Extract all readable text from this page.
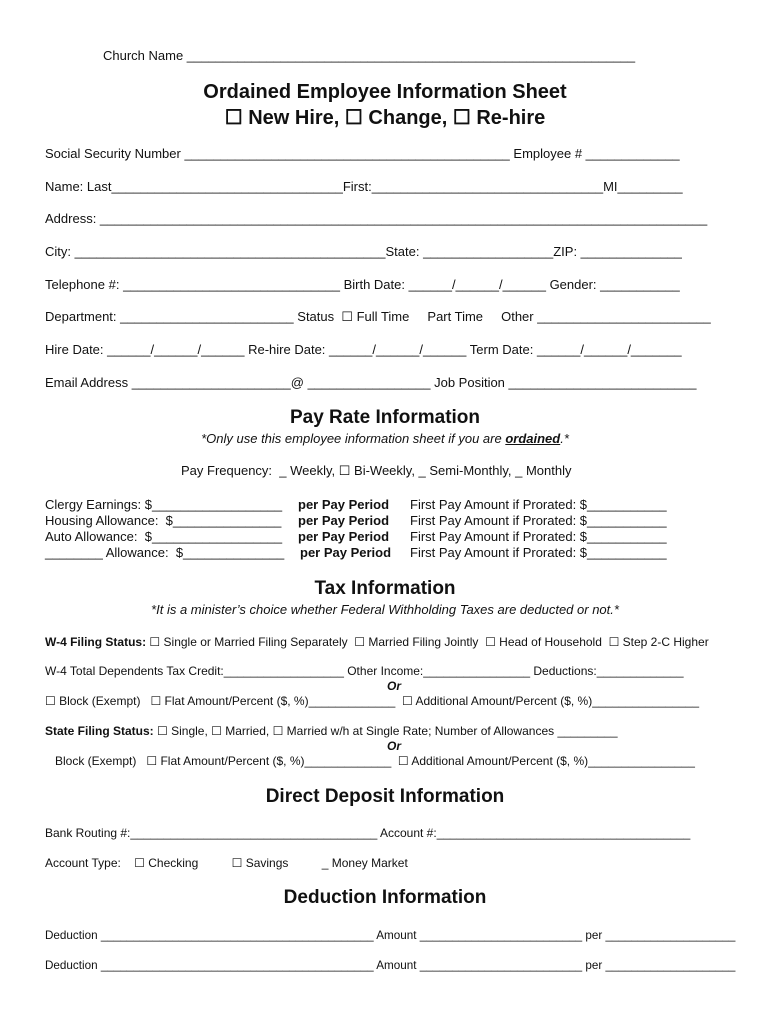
Church Name ______________________________________________________________
Ordained Employee Information Sheet
☐ New Hire, ☐ Change, ☐ Re-hire
Social Security Number _____________________________________________ Employee # _____________
Name: Last________________________________First:________________________________MI_________
Address: ____________________________________________________________________________________
City: ___________________________________________State: __________________ZIP: ______________
Telephone #: ______________________________ Birth Date: ______/______/______ Gender: ___________
Department: ________________________ Status  ☐ Full Time     Part Time     Other ________________________
Hire Date: ______/______/______ Re-hire Date: ______/______/______ Term Date: ______/______/_______
Email Address ______________________@ _________________ Job Position __________________________
Pay Rate Information
*Only use this employee information sheet if you are ordained.*
Pay Frequency:  _ Weekly, ☐ Bi-Weekly, _ Semi-Monthly, _ Monthly
Clergy Earnings: $__________________ per Pay Period First Pay Amount if Prorated: $___________
Housing Allowance:  $_______________ per Pay Period First Pay Amount if Prorated: $___________
Auto Allowance:  $__________________ per Pay Period First Pay Amount if Prorated: $___________
________ Allowance:  $______________ per Pay Period First Pay Amount if Prorated: $___________
Tax Information
*It is a minister’s choice whether Federal Withholding Taxes are deducted or not.*
W-4 Filing Status: ☐ Single or Married Filing Separately  ☐ Married Filing Jointly  ☐ Head of Household  ☐ Step 2-C Higher
W-4 Total Dependents Tax Credit:__________________ Other Income:________________ Deductions:_____________
Or
☐ Block (Exempt)   ☐ Flat Amount/Percent ($, %)_____________  ☐ Additional Amount/Percent ($, %)________________
State Filing Status: ☐ Single, ☐ Married, ☐ Married w/h at Single Rate; Number of Allowances _________
Or
Block (Exempt)   ☐ Flat Amount/Percent ($, %)_____________  ☐ Additional Amount/Percent ($, %)________________
Direct Deposit Information
Bank Routing #:_____________________________________ Account #:______________________________________
Account Type:    ☐ Checking          ☐ Savings          _ Money Market
Deduction Information
Deduction __________________________________________ Amount _________________________ per ____________________
Deduction __________________________________________ Amount _________________________ per ____________________
